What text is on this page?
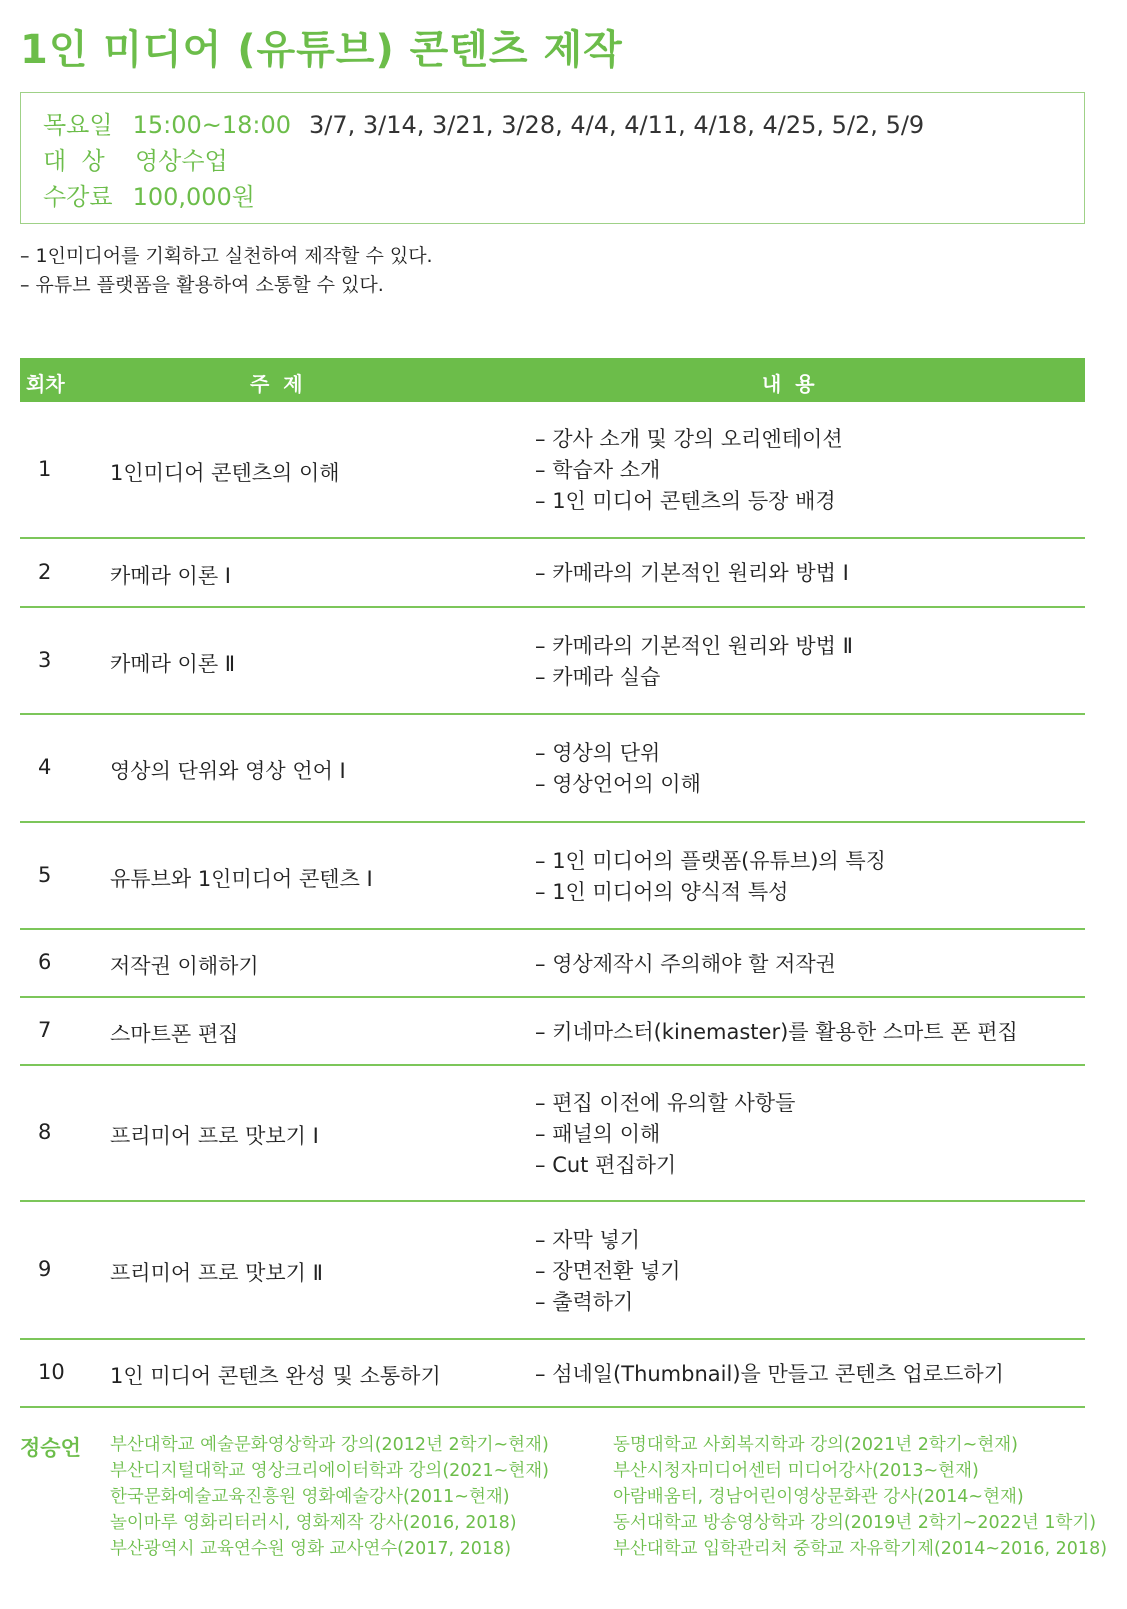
1인 미디어 (유튜브) 콘텐츠 제작
목요일 15:00~18:00 3/7, 3/14, 3/21, 3/28, 4/4, 4/11, 4/18, 4/25, 5/2, 5/9
대  상 영상수업
수강료 100,000원
– 1인미디어를 기획하고 실천하여 제작할 수 있다.
– 유튜브 플랫폼을 활용하여 소통할 수 있다.
회차	주  제	내  용
1	1인미디어 콘텐츠의 이해
– 강사 소개 및 강의 오리엔테이션
– 학습자 소개
– 1인 미디어 콘텐츠의 등장 배경
2	카메라 이론 Ⅰ	– 카메라의 기본적인 원리와 방법 Ⅰ
3	카메라 이론 Ⅱ
– 카메라의 기본적인 원리와 방법 Ⅱ
– 카메라 실습
4	영상의 단위와 영상 언어 Ⅰ
– 영상의 단위
– 영상언어의 이해
5	유튜브와 1인미디어 콘텐츠 Ⅰ
– 1인 미디어의 플랫폼(유튜브)의 특징
– 1인 미디어의 양식적 특성
6	저작권 이해하기	– 영상제작시 주의해야 할 저작권
7	스마트폰 편집	– 키네마스터(kinemaster)를 활용한 스마트 폰 편집
8	프리미어 프로 맛보기 Ⅰ
– 편집 이전에 유의할 사항들
– 패널의 이해
– Cut 편집하기
9	프리미어 프로 맛보기 Ⅱ
– 자막 넣기
– 장면전환 넣기
– 출력하기
10 1인 미디어 콘텐츠 완성 및 소통하기	– 섬네일(Thumbnail)을 만들고 콘텐츠 업로드하기
정승언 부산대학교 예술문화영상학과 강의(2012년 2학기~현재)
부산디지털대학교 영상크리에이터학과 강의(2021~현재)
한국문화예술교육진흥원 영화예술강사(2011~현재)
놀이마루 영화리터러시, 영화제작 강사(2016, 2018)
부산광역시 교육연수원 영화 교사연수(2017, 2018)
동명대학교 사회복지학과 강의(2021년 2학기~현재)
부산시청자미디어센터 미디어강사(2013~현재)
아람배움터, 경남어린이영상문화관 강사(2014~현재)
동서대학교 방송영상학과 강의(2019년 2학기~2022년 1학기)
부산대학교 입학관리처 중학교 자유학기제(2014~2016, 2018)
